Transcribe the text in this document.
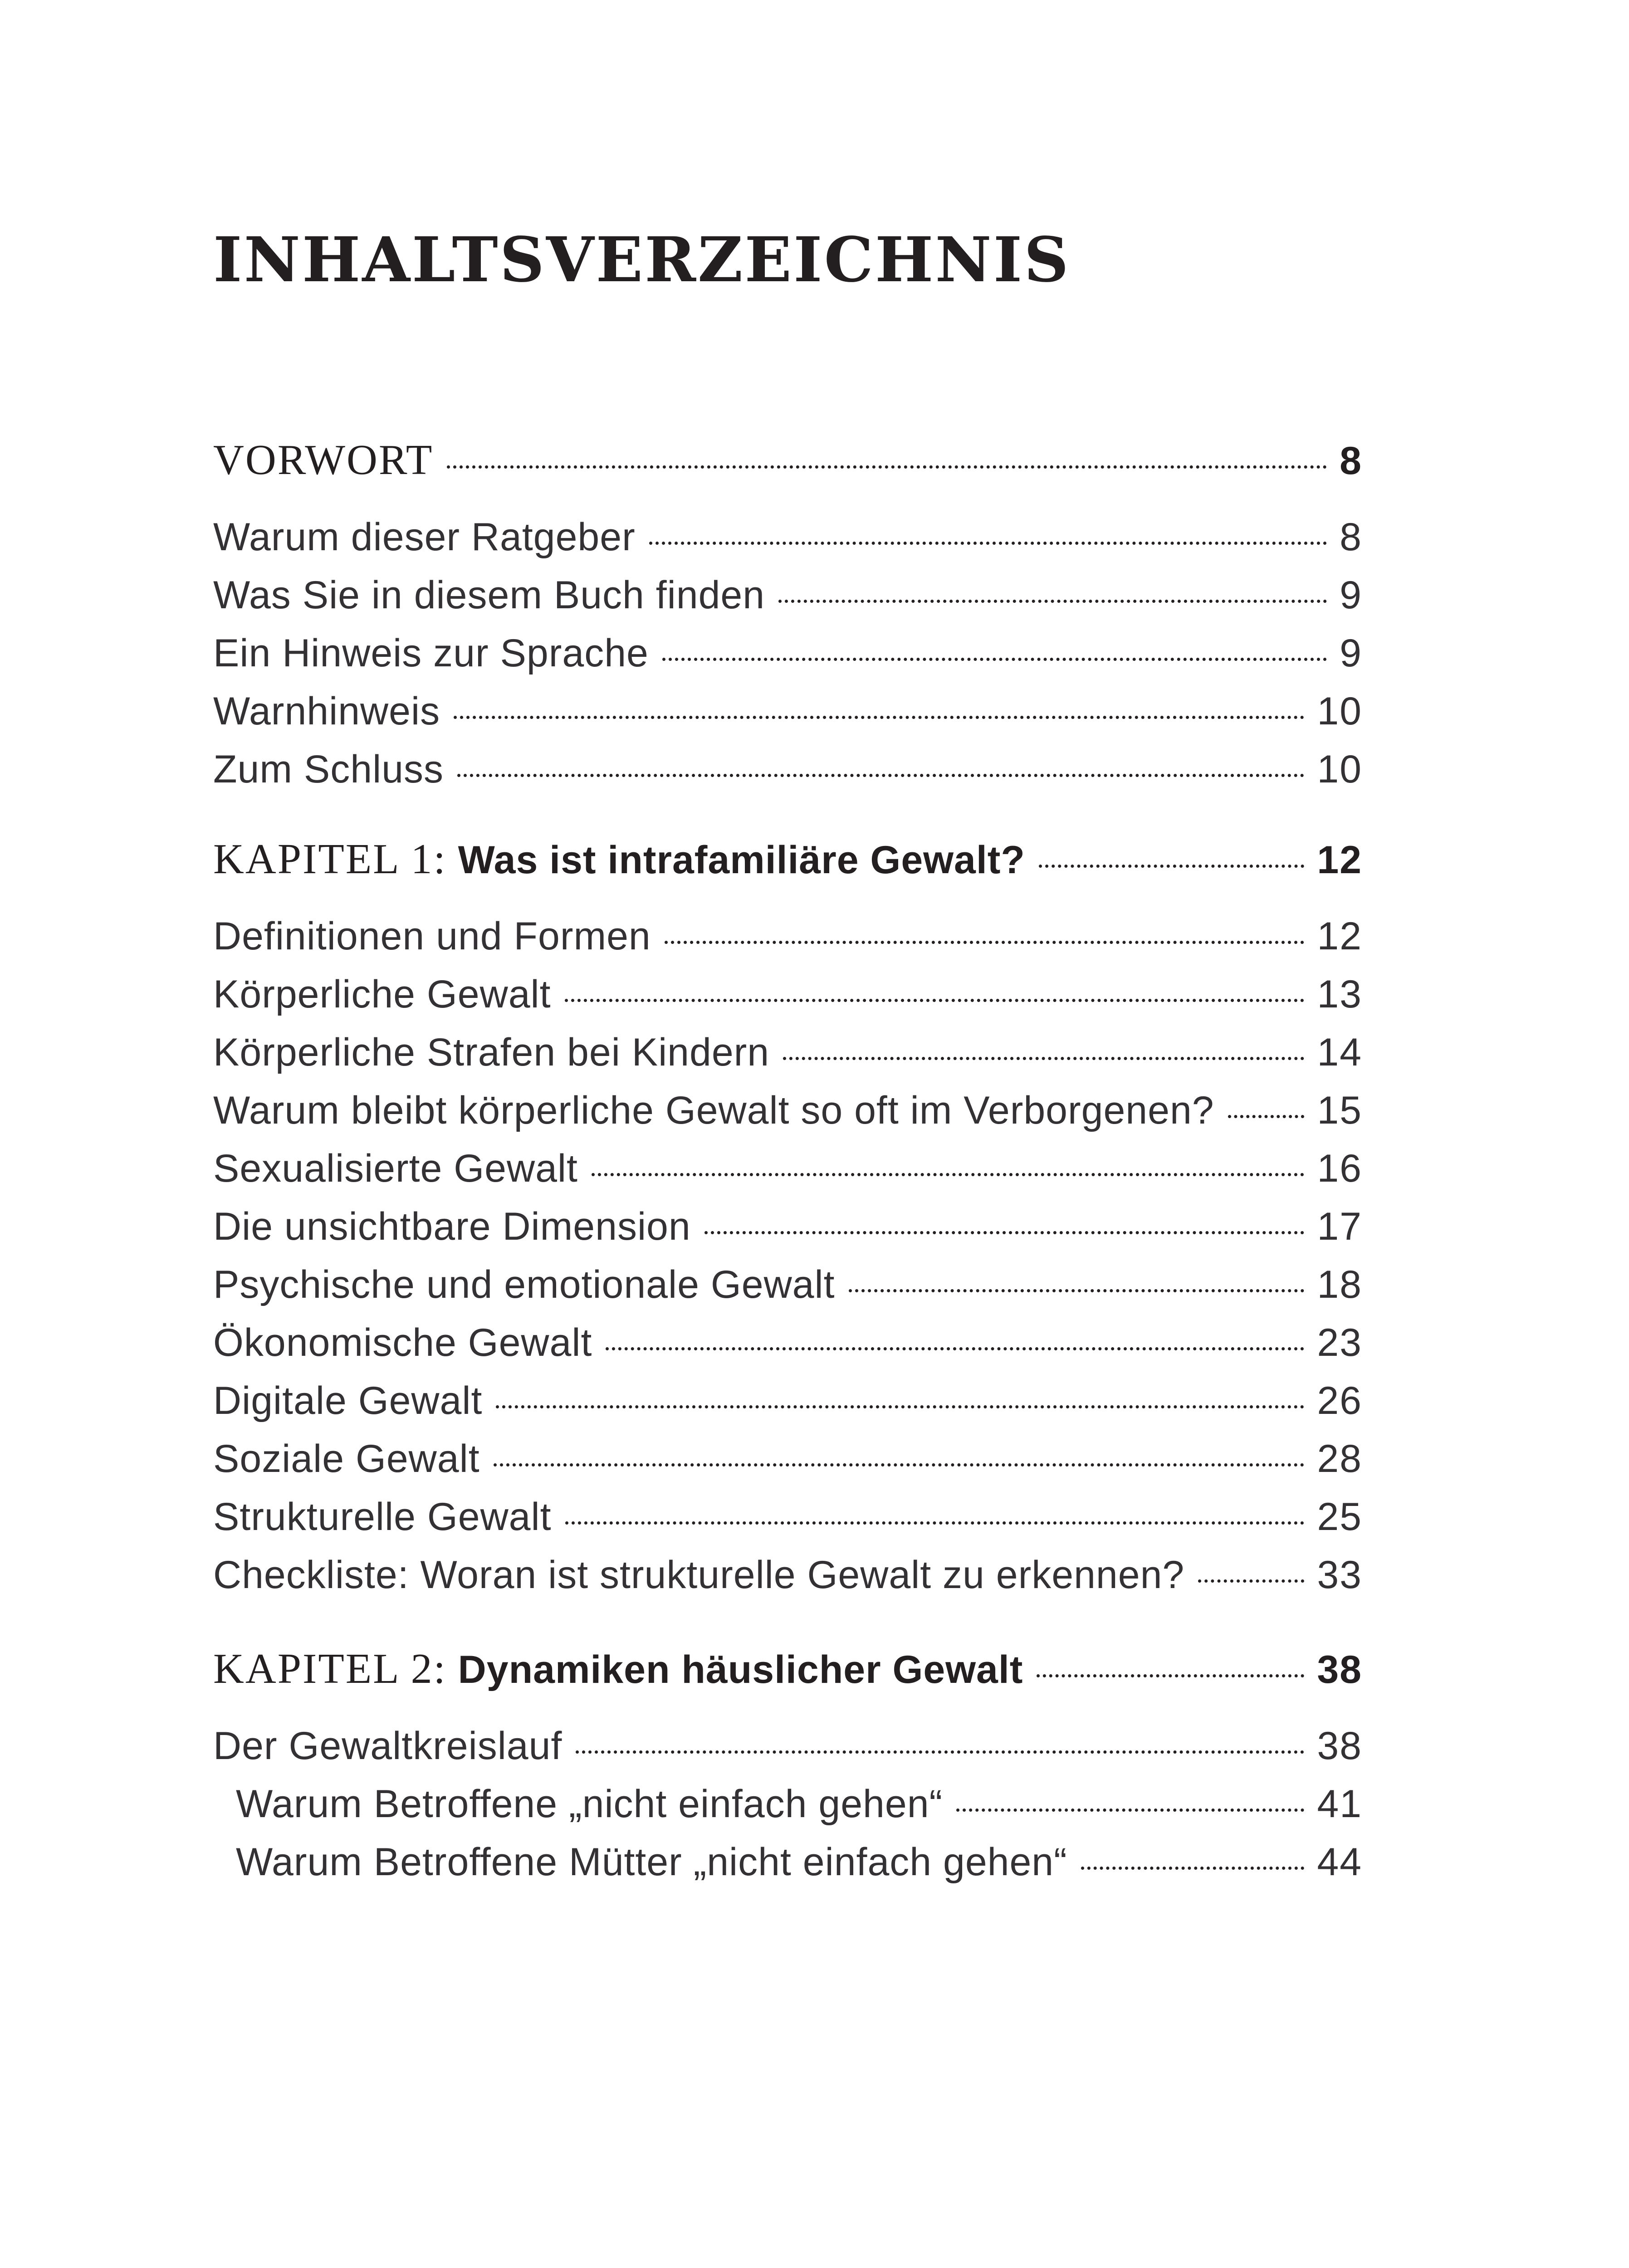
INHALTSVERZEICHNIS
VORWORT	8
Warum dieser Ratgeber	8
Was Sie in diesem Buch finden	9
Ein Hinweis zur Sprache	9
Warnhinweis	10
Zum Schluss	10
KAPITEL 1: Was ist intrafamiliäre Gewalt?	12
Definitionen und Formen	12
Körperliche Gewalt	13
Körperliche Strafen bei Kindern	14
Warum bleibt körperliche Gewalt so oft im Verborgenen?	15
Sexualisierte Gewalt	16
Die unsichtbare Dimension	17
Psychische und emotionale Gewalt	18
Ökonomische Gewalt	23
Digitale Gewalt	26
Soziale Gewalt	28
Strukturelle Gewalt	25
Checkliste: Woran ist strukturelle Gewalt zu erkennen?	33
KAPITEL 2: Dynamiken häuslicher Gewalt	38
Der Gewaltkreislauf	38
Warum Betroffene „nicht einfach gehen“	41
Warum Betroffene Mütter „nicht einfach gehen“	44
